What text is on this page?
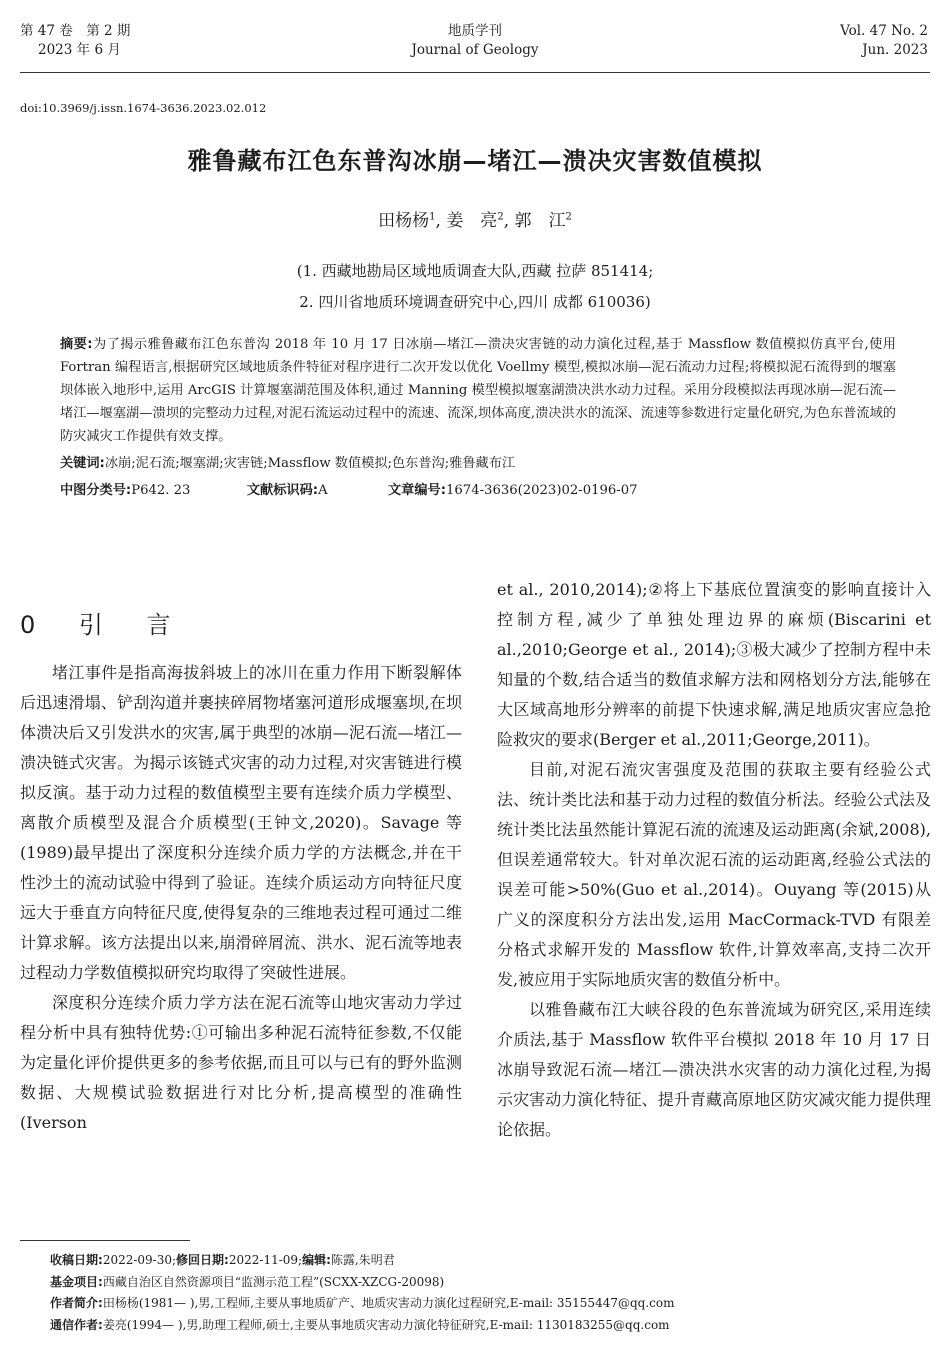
第 47 卷　第 2 期
2023 年 6 月
地质学刊
Journal of Geology
Vol. 47 No. 2
Jun. 2023
doi:10.3969/j.issn.1674-3636.2023.02.012
雅鲁藏布江色东普沟冰崩—堵江—溃决灾害数值模拟
田杨杨$^1$, 姜　亮$^2$, 郭　江$^2$
(1. 西藏地勘局区域地质调查大队,西藏 拉萨 851414;
2. 四川省地质环境调查研究中心,四川 成都 610036)
摘要:为了揭示雅鲁藏布江色东普沟 2018 年 10 月 17 日冰崩—堵江—溃决灾害链的动力演化过程,基于 Massflow 数值模拟仿真平台,使用 Fortran 编程语言,根据研究区域地质条件特征对程序进行二次开发以优化 Voellmy 模型,模拟冰崩—泥石流动力过程;将模拟泥石流得到的堰塞坝体嵌入地形中,运用 ArcGIS 计算堰塞湖范围及体积,通过 Manning 模型模拟堰塞湖溃决洪水动力过程。采用分段模拟法再现冰崩—泥石流—堵江—堰塞湖—溃坝的完整动力过程,对泥石流运动过程中的流速、流深,坝体高度,溃决洪水的流深、流速等参数进行定量化研究,为色东普流域的防灾减灾工作提供有效支撑。
关键词:冰崩;泥石流;堰塞湖;灾害链;Massflow 数值模拟;色东普沟;雅鲁藏布江
中图分类号:P642. 23	文献标识码:A	文章编号:1674-3636(2023)02-0196-07
0 引 言

堵江事件是指高海拔斜坡上的冰川在重力作用下断裂解体后迅速滑塌、铲刮沟道并裹挟碎屑物堵塞河道形成堰塞坝,在坝体溃决后又引发洪水的灾害,属于典型的冰崩—泥石流—堵江—溃决链式灾害。为揭示该链式灾害的动力过程,对灾害链进行模拟反演。基于动力过程的数值模型主要有连续介质力学模型、离散介质模型及混合介质模型(王钟文,2020)。Savage 等(1989)最早提出了深度积分连续介质力学的方法概念,并在干性沙土的流动试验中得到了验证。连续介质运动方向特征尺度远大于垂直方向特征尺度,使得复杂的三维地表过程可通过二维计算求解。该方法提出以来,崩滑碎屑流、洪水、泥石流等地表过程动力学数值模拟研究均取得了突破性进展。

深度积分连续介质力学方法在泥石流等山地灾害动力学过程分析中具有独特优势:①可输出多种泥石流特征参数,不仅能为定量化评价提供更多的参考依据,而且可以与已有的野外监测数据、大规模试验数据进行对比分析,提高模型的准确性(Iverson

et al., 2010,2014);②将上下基底位置演变的影响直接计入控制方程,减少了单独处理边界的麻烦(Biscarini et al.,2010;George et al., 2014);③极大减少了控制方程中未知量的个数,结合适当的数值求解方法和网格划分方法,能够在大区域高地形分辨率的前提下快速求解,满足地质灾害应急抢险救灾的要求(Berger et al.,2011;George,2011)。

目前,对泥石流灾害强度及范围的获取主要有经验公式法、统计类比法和基于动力过程的数值分析法。经验公式法及统计类比法虽然能计算泥石流的流速及运动距离(余斌,2008),但误差通常较大。针对单次泥石流的运动距离,经验公式法的误差可能>50%(Guo et al.,2014)。Ouyang 等(2015)从广义的深度积分方法出发,运用 MacCormack-TVD 有限差分格式求解开发的 Massflow 软件,计算效率高,支持二次开发,被应用于实际地质灾害的数值分析中。

以雅鲁藏布江大峡谷段的色东普流域为研究区,采用连续介质法,基于 Massflow 软件平台模拟 2018 年 10 月 17 日冰崩导致泥石流—堵江—溃决洪水灾害的动力演化过程,为揭示灾害动力演化特征、提升青藏高原地区防灾减灾能力提供理论依据。

收稿日期:2022-09-30;修回日期:2022-11-09;编辑:陈露,朱明君
基金项目:西藏自治区自然资源项目“监测示范工程”(SCXX-XZCG-20098)
作者简介:田杨杨(1981— ),男,工程师,主要从事地质矿产、地质灾害动力演化过程研究,E-mail: 35155447@qq.com
通信作者:姜亮(1994— ),男,助理工程师,硕士,主要从事地质灾害动力演化特征研究,E-mail: 1130183255@qq.com
